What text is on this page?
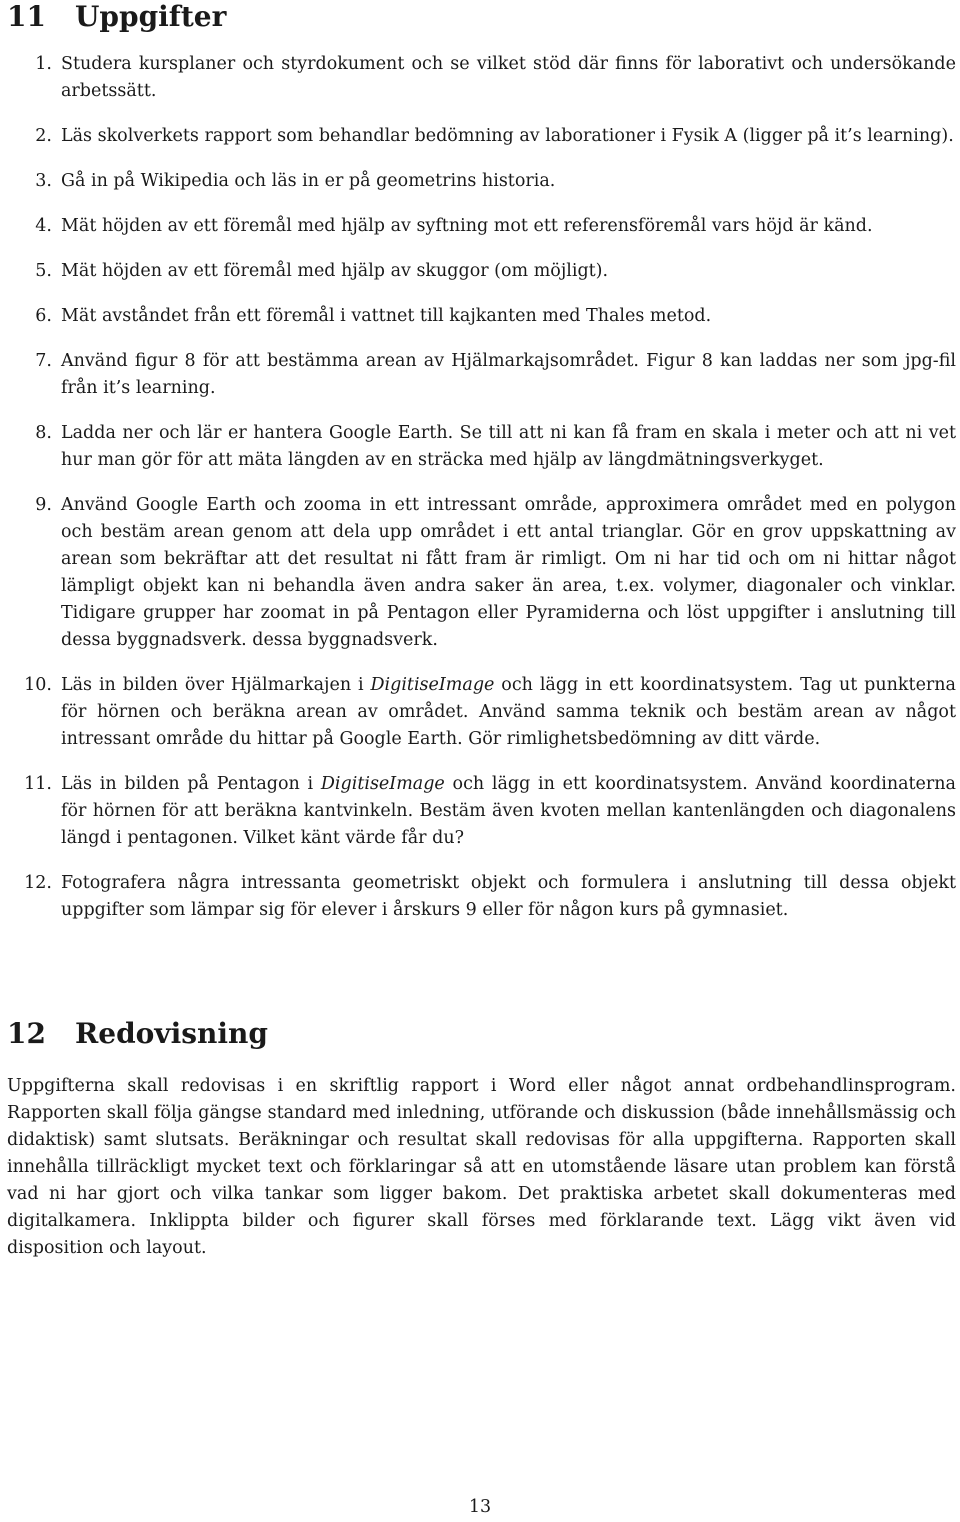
11 Uppgifter
1. Studera kursplaner och styrdokument och se vilket stöd där finns för laborativt och undersökande arbetssätt.
2. Läs skolverkets rapport som behandlar bedömning av laborationer i Fysik A (ligger på it’s learning).
3. Gå in på Wikipedia och läs in er på geometrins historia.
4. Mät höjden av ett föremål med hjälp av syftning mot ett referensföremål vars höjd är känd.
5. Mät höjden av ett föremål med hjälp av skuggor (om möjligt).
6. Mät avståndet från ett föremål i vattnet till kajkanten med Thales metod.
7. Använd figur 8 för att bestämma arean av Hjälmarkajsområdet. Figur 8 kan laddas ner som jpg-fil från it’s learning.
8. Ladda ner och lär er hantera Google Earth. Se till att ni kan få fram en skala i meter och att ni vet hur man gör för att mäta längden av en sträcka med hjälp av längdmätningsverkyget.
9. Använd Google Earth och zooma in ett intressant område, approximera området med en polygon och bestäm arean genom att dela upp området i ett antal trianglar. Gör en grov uppskattning av arean som bekräftar att det resultat ni fått fram är rimligt. Om ni har tid och om ni hittar något lämpligt objekt kan ni behandla även andra saker än area, t.ex. volymer, diagonaler och vinklar. Tidigare grupper har zoomat in på Pentagon eller Pyramiderna och löst uppgifter i anslutning till dessa byggnadsverk. dessa byggnadsverk.
10. Läs in bilden över Hjälmarkajen i DigitiseImage och lägg in ett koordinatsystem. Tag ut punkterna för hörnen och beräkna arean av området. Använd samma teknik och bestäm arean av något intressant område du hittar på Google Earth. Gör rimlighetsbedömning av ditt värde.
11. Läs in bilden på Pentagon i DigitiseImage och lägg in ett koordinatsystem. Använd koordinaterna för hörnen för att beräkna kantvinkeln. Bestäm även kvoten mellan kantenlängden och diagonalens längd i pentagonen. Vilket känt värde får du?
12. Fotografera några intressanta geometriskt objekt och formulera i anslutning till dessa objekt uppgifter som lämpar sig för elever i årskurs 9 eller för någon kurs på gymnasiet.
12 Redovisning

Uppgifterna skall redovisas i en skriftlig rapport i Word eller något annat ordbehandlinsprogram. Rapporten skall följa gängse standard med inledning, utförande och diskussion (både innehållsmässig och didaktisk) samt slutsats. Beräkningar och resultat skall redovisas för alla uppgifterna. Rapporten skall innehålla tillräckligt mycket text och förklaringar så att en utomstående läsare utan problem kan förstå vad ni har gjort och vilka tankar som ligger bakom. Det praktiska arbetet skall dokumenteras med digitalkamera. Inklippta bilder och figurer skall förses med förklarande text. Lägg vikt även vid disposition och layout.

13
